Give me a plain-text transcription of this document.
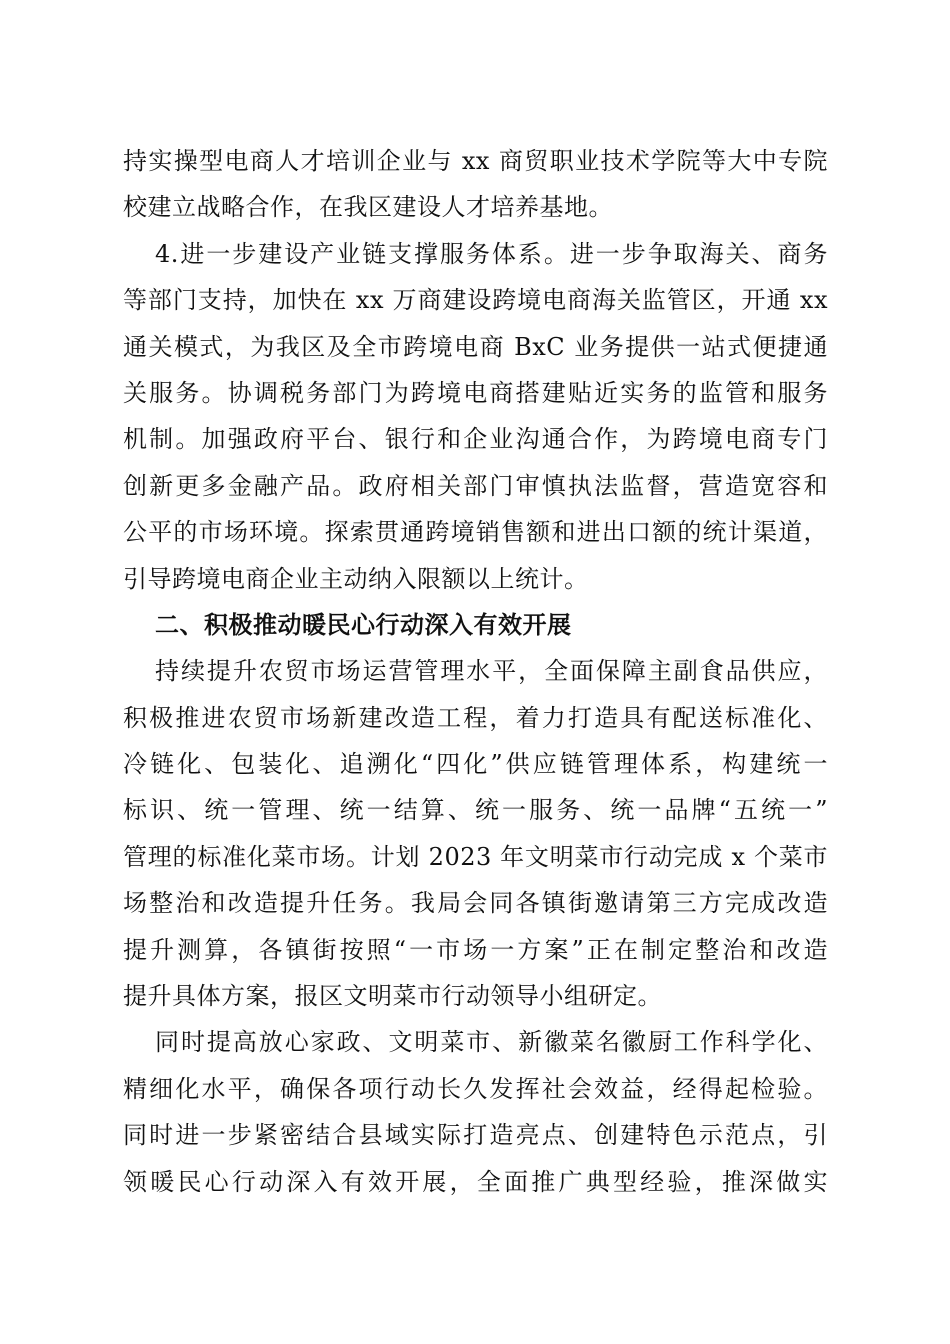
持实操型电商人才培训企业与 xx 商贸职业技术学院等大中专院
校建立战略合作，在我区建设人才培养基地。
4.进一步建设产业链支撑服务体系。进一步争取海关、商务
等部门支持，加快在 xx 万商建设跨境电商海关监管区，开通 xx
通关模式，为我区及全市跨境电商 BxC 业务提供一站式便捷通
关服务。协调税务部门为跨境电商搭建贴近实务的监管和服务
机制。加强政府平台、银行和企业沟通合作，为跨境电商专门
创新更多金融产品。政府相关部门审慎执法监督，营造宽容和
公平的市场环境。探索贯通跨境销售额和进出口额的统计渠道，
引导跨境电商企业主动纳入限额以上统计。
二、积极推动暖民心行动深入有效开展
持续提升农贸市场运营管理水平，全面保障主副食品供应，
积极推进农贸市场新建改造工程，着力打造具有配送标准化、
冷链化、包装化、追溯化“四化”供应链管理体系，构建统一
标识、统一管理、统一结算、统一服务、统一品牌“五统一”
管理的标准化菜市场。计划 2023 年文明菜市行动完成 x 个菜市
场整治和改造提升任务。我局会同各镇街邀请第三方完成改造
提升测算，各镇街按照“一市场一方案”正在制定整治和改造
提升具体方案，报区文明菜市行动领导小组研定。
同时提高放心家政、文明菜市、新徽菜名徽厨工作科学化、
精细化水平，确保各项行动长久发挥社会效益，经得起检验。
同时进一步紧密结合县域实际打造亮点、创建特色示范点，引
领暖民心行动深入有效开展，全面推广典型经验，推深做实
